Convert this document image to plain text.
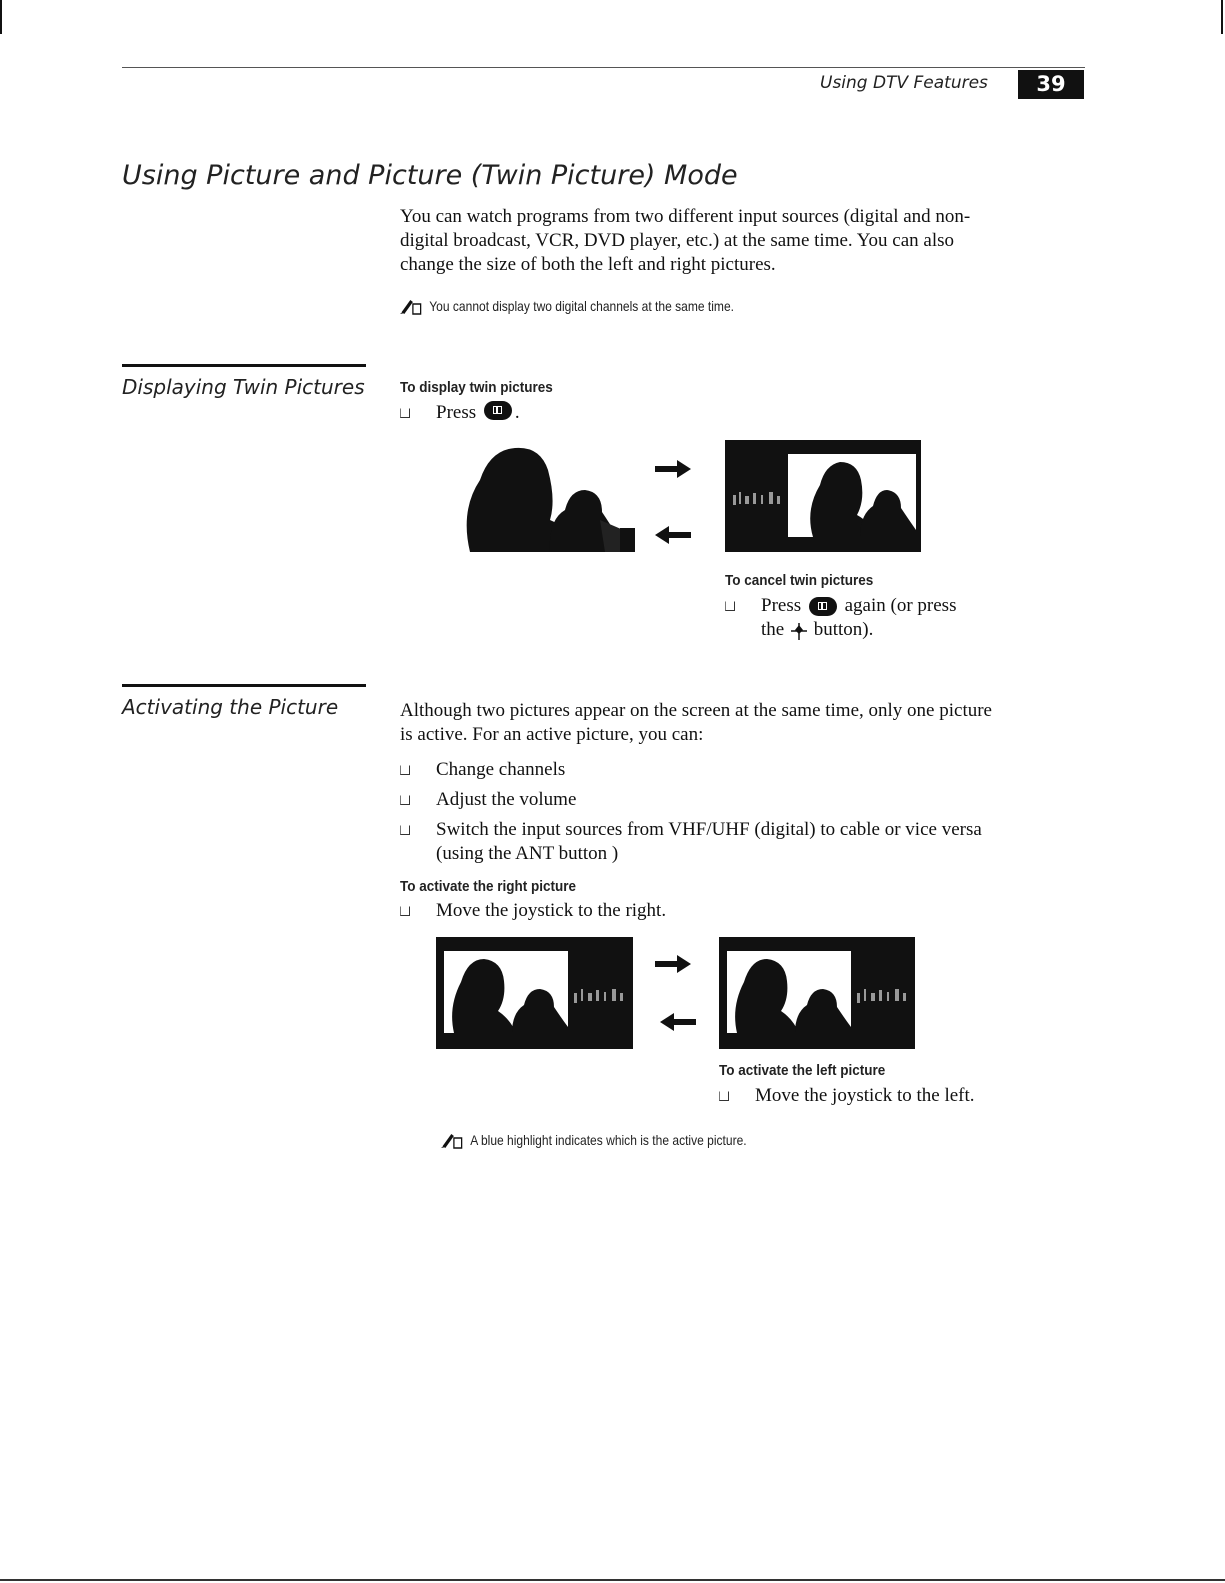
Using DTV Features	39
Using Picture and Picture (Twin Picture) Mode
You can watch programs from two different input sources (digital and non-
digital broadcast, VCR, DVD player, etc.) at the same time. You can also
change the size of both the left and right pictures.
You cannot display two digital channels at the same time.
Displaying Twin Pictures To display twin pictures
Press
.
To cancel twin pictures
Press again (or press
the button).
Activating the Picture	Although two pictures appear on the screen at the same time, only one picture
is active. For an active picture, you can:
Change channels
Adjust the volume
Switch the input sources from VHF/UHF (digital) to cable or vice versa
(using the ANT button )
To activate the right picture
Move the joystick to the right.
To activate the left picture
Move the joystick to the left.
A blue highlight indicates which is the active picture.
